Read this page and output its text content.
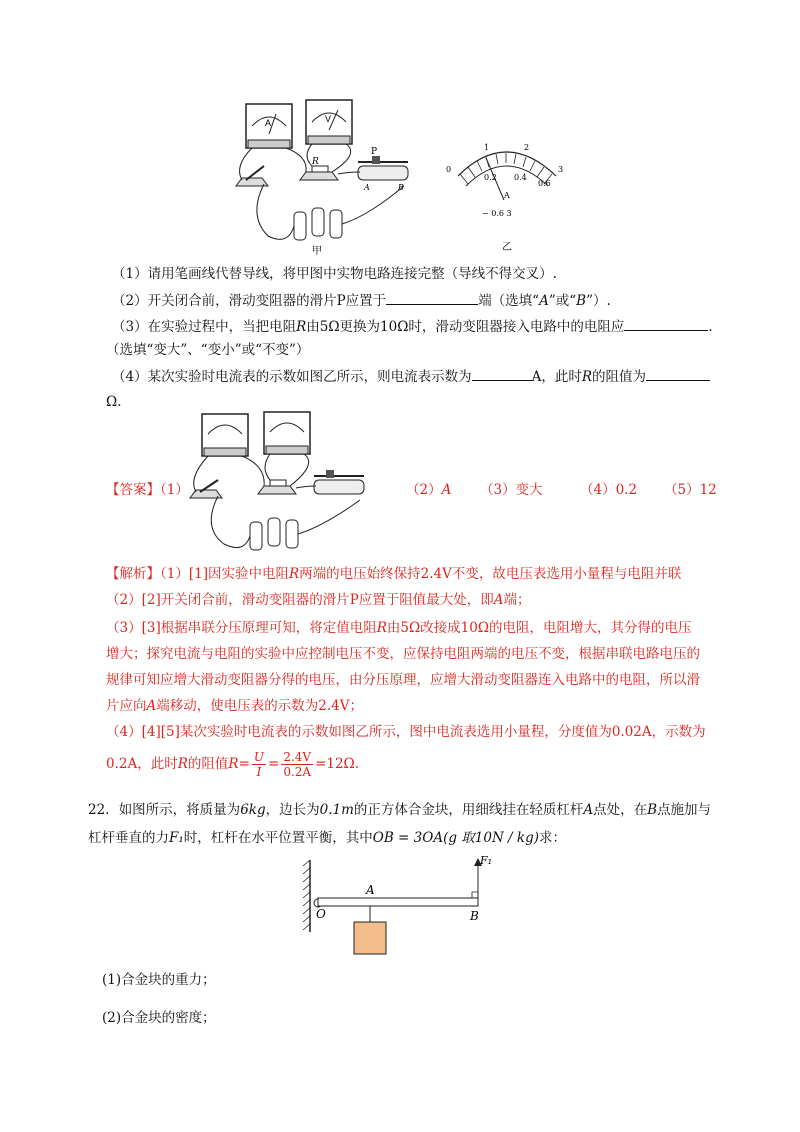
A	V
R
P
A	B
甲
0
1	2
3
0.2 0.4
0.6
A
− 0.6 3
乙
（1）请用笔画线代替导线，将甲图中实物电路连接完整（导线不得交叉）.
（2）开关闭合前，滑动变阻器的滑片P应置于	端（选填“A”或“B”）.
（3）在实验过程中，当把电阻R由5Ω更换为10Ω时，滑动变阻器接入电路中的电阻应	.
（选填“变大”、“变小”或“不变”）
（4）某次实验时电流表的示数如图乙所示，则电流表示数为	A，此时R的阻值为
Ω.
【答案】（1）	（2）A （3）变大	（4）0.2 （5）12
【解析】（1）[1]因实验中电阻R两端的电压始终保持2.4V不变，故电压表选用小量程与电阻并联
（2）[2]开关闭合前，滑动变阻器的滑片P应置于阻值最大处，即A端；
（3）[3]根据串联分压原理可知，将定值电阻R由5Ω改接成10Ω的电阻，电阻增大，其分得的电压
增大；探究电流与电阻的实验中应控制电压不变，应保持电阻两端的电压不变，根据串联电路电压的
规律可知应增大滑动变阻器分得的电压，由分压原理，应增大滑动变阻器连入电路中的电阻，所以滑
片应向A端移动，使电压表的示数为2.4V；
（4）[4][5]某次实验时电流表的示数如图乙所示，图中电流表选用小量程，分度值为0.02A，示数为
0.2A，此时R的阻值$R= \frac{U}{I} = \frac{2.4V}{0.2A} =12\Omega$.
22．如图所示，将质量为6kg，边长为0.1m的正方体合金块，用细线挂在轻质杠杆A点处，在B点施加与
杠杆垂直的力F₁时，杠杆在水平位置平衡，其中OB = 3OA(g 取10N / kg)求：
O
A
B
F₁
(1)合金块的重力；
(2)合金块的密度；
